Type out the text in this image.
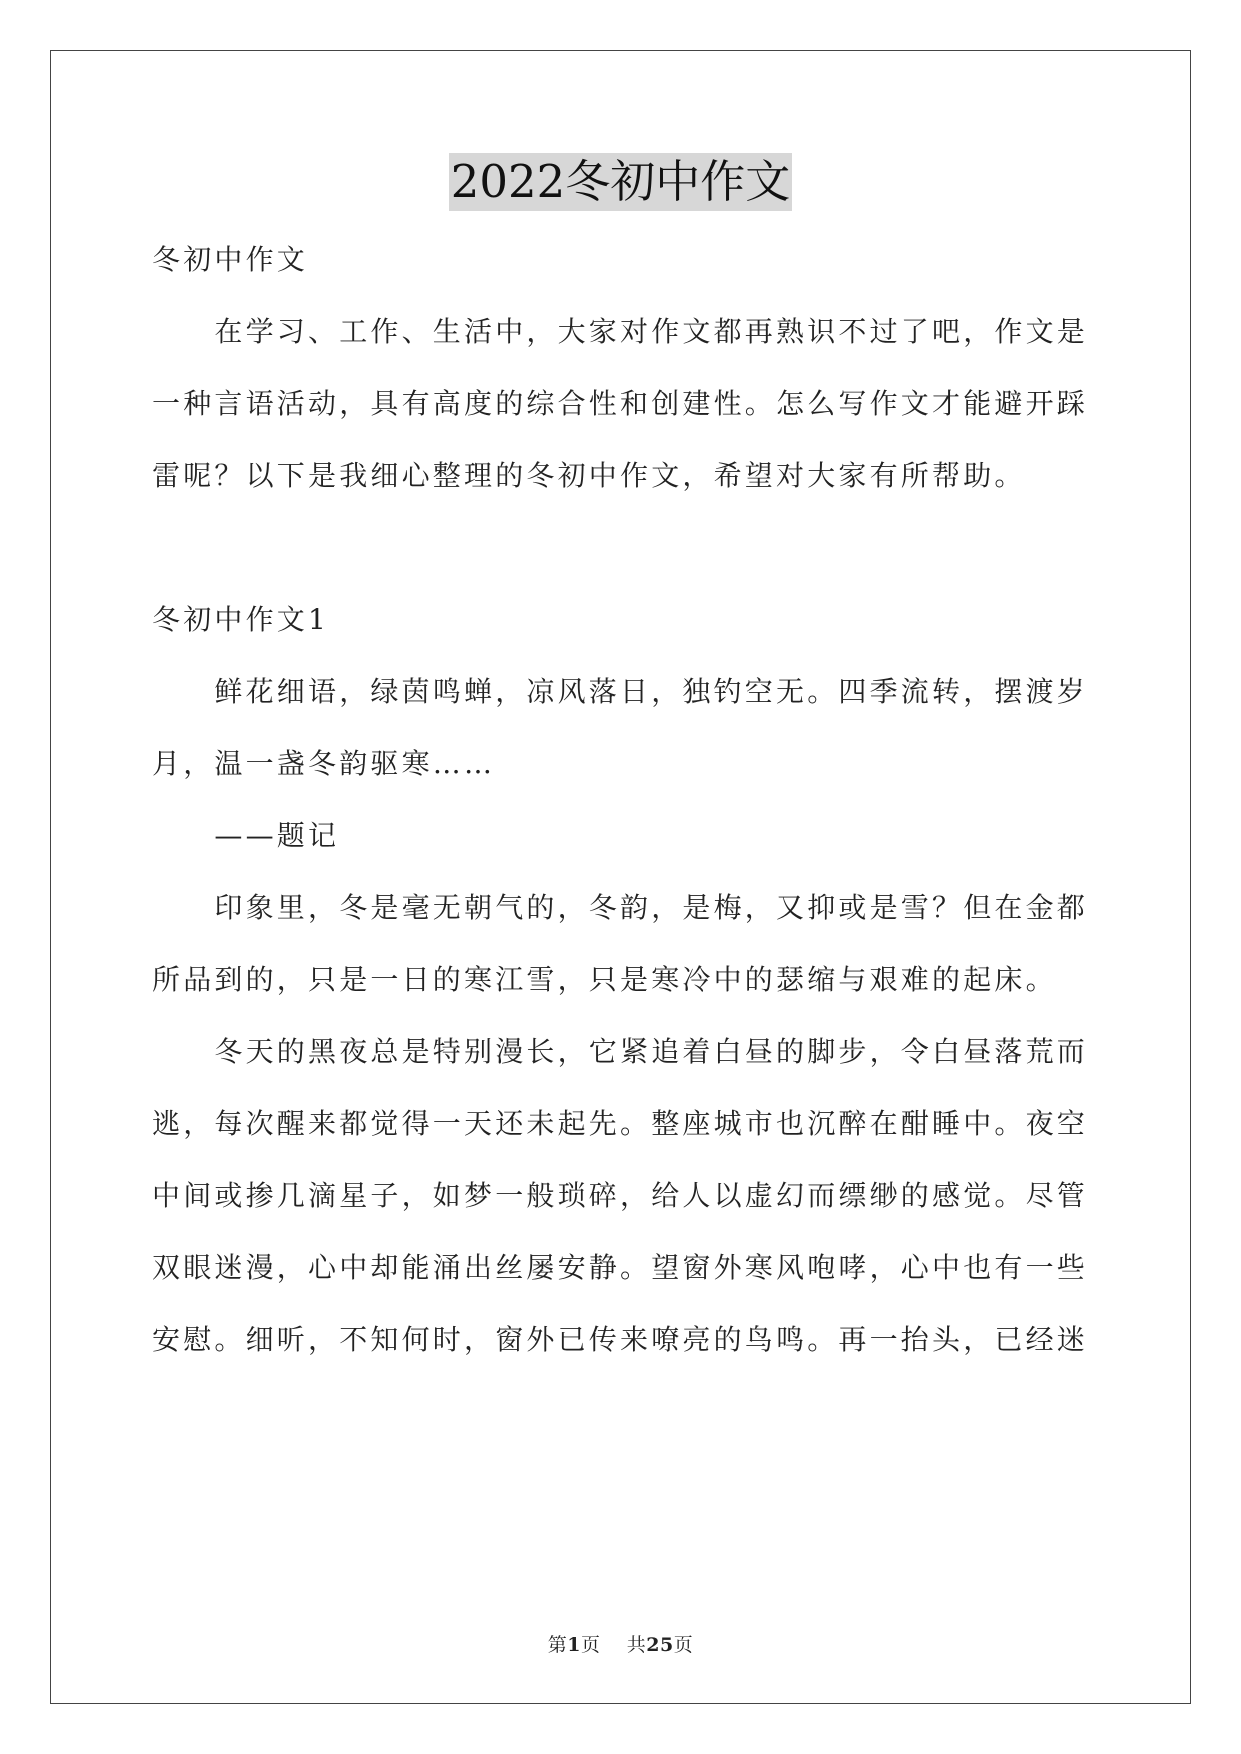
2022冬初中作文
冬初中作文
　　在学习、工作、生活中，大家对作文都再熟识不过了吧，作文是
一种言语活动，具有高度的综合性和创建性。怎么写作文才能避开踩
雷呢？以下是我细心整理的冬初中作文，希望对大家有所帮助。
冬初中作文1
　　鲜花细语，绿茵鸣蝉，凉风落日，独钓空无。四季流转，摆渡岁
月，温一盏冬韵驱寒……
　　——题记
　　印象里，冬是毫无朝气的，冬韵，是梅，又抑或是雪？但在金都
所品到的，只是一日的寒江雪，只是寒冷中的瑟缩与艰难的起床。
　　冬天的黑夜总是特别漫长，它紧追着白昼的脚步，令白昼落荒而
逃，每次醒来都觉得一天还未起先。整座城市也沉醉在酣睡中。夜空
中间或掺几滴星子，如梦一般琐碎，给人以虚幻而缥缈的感觉。尽管
双眼迷漫，心中却能涌出丝屡安静。望窗外寒风咆哮，心中也有一些
安慰。细听，不知何时，窗外已传来嘹亮的鸟鸣。再一抬头，已经迷
第1页 共25页
